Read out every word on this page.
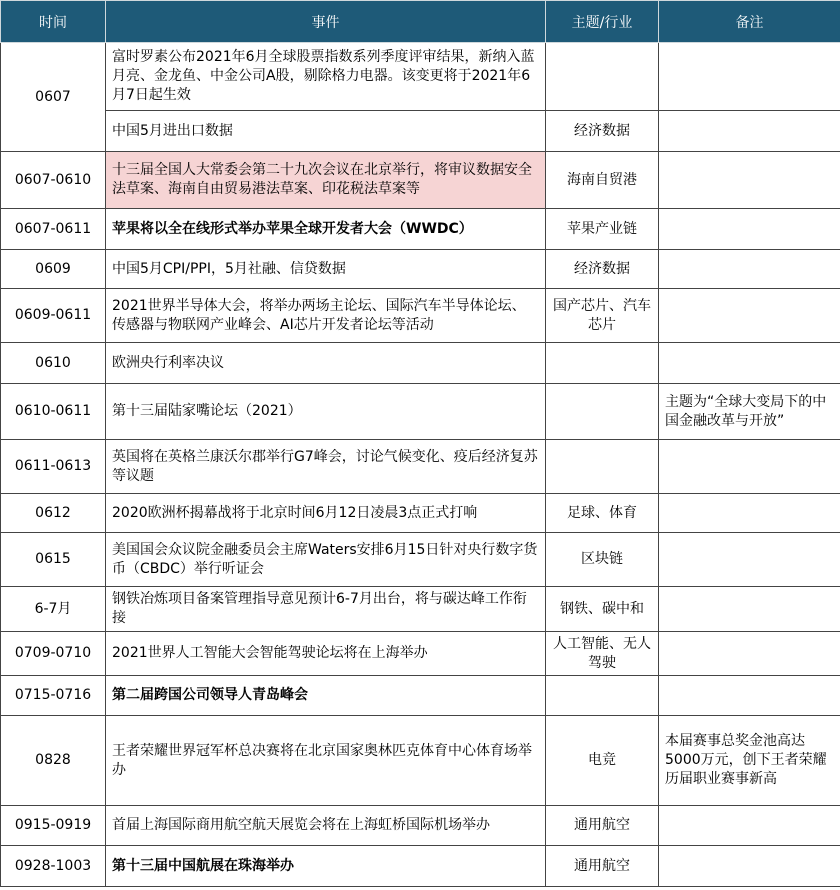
时间	事件	主题/行业	备注
0607	富时罗素公布2021年6月全球股票指数系列季度评审结果，新纳入蓝月亮、金龙鱼、中金公司A股，剔除格力电器。该变更将于2021年6月7日起生效		
	中国5月进出口数据	经济数据	
0607-0610	十三届全国人大常委会第二十九次会议在北京举行，将审议数据安全法草案、海南自由贸易港法草案、印花税法草案等	海南自贸港	
0607-0611	苹果将以全在线形式举办苹果全球开发者大会（WWDC）	苹果产业链	
0609	中国5月CPI/PPI，5月社融、信贷数据	经济数据	
0609-0611	2021世界半导体大会，将举办两场主论坛、国际汽车半导体论坛、传感器与物联网产业峰会、AI芯片开发者论坛等活动	国产芯片、汽车芯片	
0610	欧洲央行利率决议		
0610-0611	第十三届陆家嘴论坛（2021）		主题为“全球大变局下的中国金融改革与开放”
0611-0613	英国将在英格兰康沃尔郡举行G7峰会，讨论气候变化、疫后经济复苏等议题		
0612	2020欧洲杯揭幕战将于北京时间6月12日凌晨3点正式打响	足球、体育	
0615	美国国会众议院金融委员会主席Waters安排6月15日针对央行数字货币（CBDC）举行听证会	区块链	
6-7月	钢铁冶炼项目备案管理指导意见预计6-7月出台，将与碳达峰工作衔接	钢铁、碳中和	
0709-0710	2021世界人工智能大会智能驾驶论坛将在上海举办	人工智能、无人驾驶	
0715-0716	第二届跨国公司领导人青岛峰会		
0828	王者荣耀世界冠军杯总决赛将在北京国家奥林匹克体育中心体育场举办	电竞	本届赛事总奖金池高达5000万元，创下王者荣耀历届职业赛事新高
0915-0919	首届上海国际商用航空航天展览会将在上海虹桥国际机场举办	通用航空	
0928-1003	第十三届中国航展在珠海举办	通用航空	
